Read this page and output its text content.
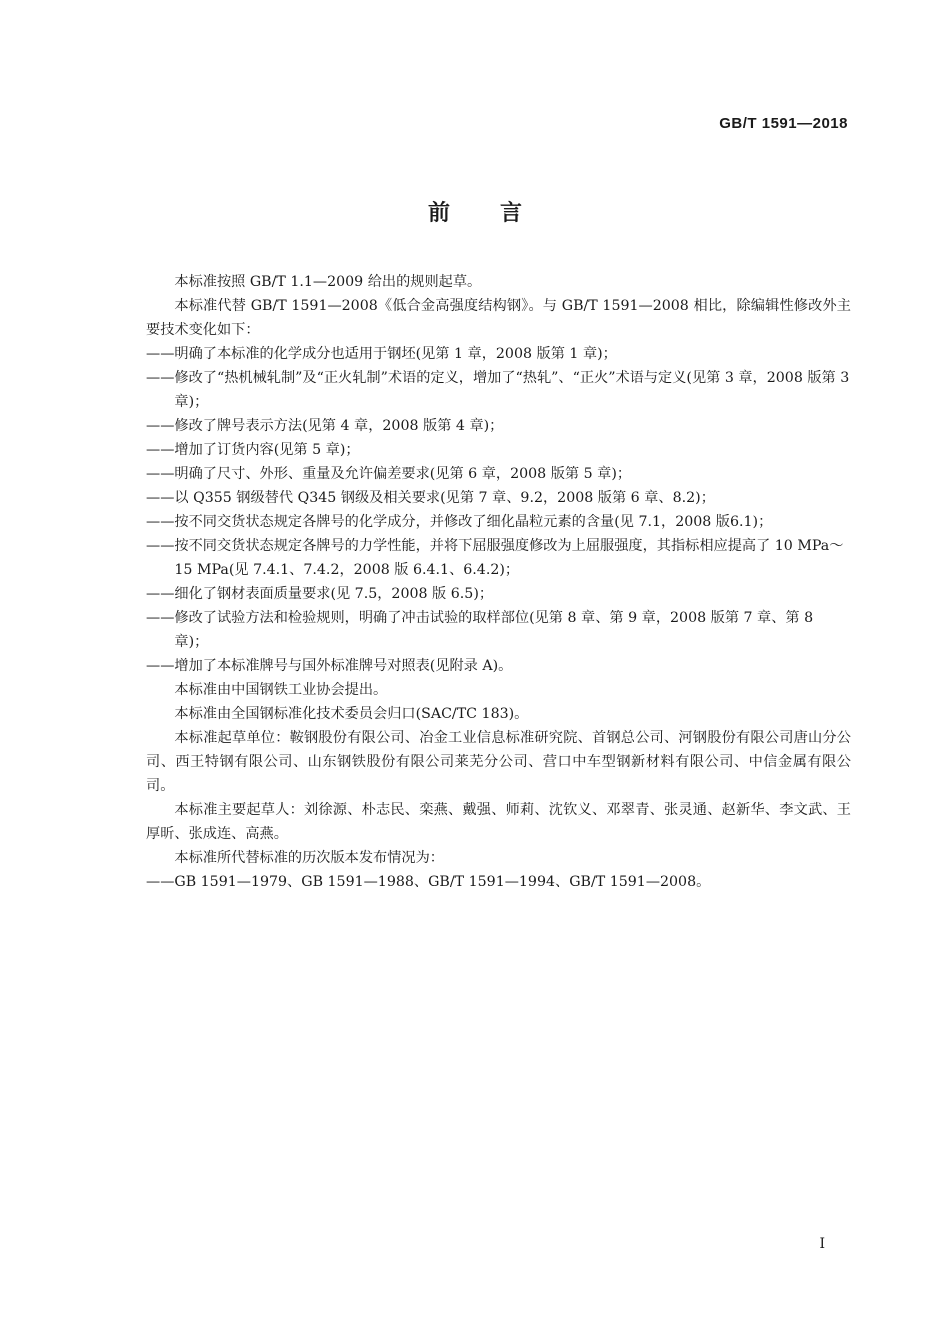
GB/T 1591—2018
前 言

本标准按照 GB/T 1.1—2009 给出的规则起草。

本标准代替 GB/T 1591—2008《低合金高强度结构钢》。与 GB/T 1591—2008 相比，除编辑性修改外主要技术变化如下：

—— 明确了本标准的化学成分也适用于钢坯(见第 1 章，2008 版第 1 章)；
—— 修改了“热机械轧制”及“正火轧制”术语的定义，增加了“热轧”、“正火”术语与定义(见第 3 章，2008 版第 3 章)；
—— 修改了牌号表示方法(见第 4 章，2008 版第 4 章)；
—— 增加了订货内容(见第 5 章)；
—— 明确了尺寸、外形、重量及允许偏差要求(见第 6 章，2008 版第 5 章)；
—— 以 Q355 钢级替代 Q345 钢级及相关要求(见第 7 章、9.2，2008 版第 6 章、8.2)；
—— 按不同交货状态规定各牌号的化学成分，并修改了细化晶粒元素的含量(见 7.1，2008 版6.1)；
—— 按不同交货状态规定各牌号的力学性能，并将下屈服强度修改为上屈服强度，其指标相应提高了 10 MPa～15 MPa(见 7.4.1、7.4.2，2008 版 6.4.1、6.4.2)；
—— 细化了钢材表面质量要求(见 7.5，2008 版 6.5)；
—— 修改了试验方法和检验规则，明确了冲击试验的取样部位(见第 8 章、第 9 章，2008 版第 7 章、第 8 章)；
—— 增加了本标准牌号与国外标准牌号对照表(见附录 A)。

本标准由中国钢铁工业协会提出。

本标准由全国钢标准化技术委员会归口(SAC/TC 183)。

本标准起草单位：鞍钢股份有限公司、冶金工业信息标准研究院、首钢总公司、河钢股份有限公司唐山分公司、西王特钢有限公司、山东钢铁股份有限公司莱芜分公司、营口中车型钢新材料有限公司、中信金属有限公司。

本标准主要起草人：刘徐源、朴志民、栾燕、戴强、师莉、沈钦义、邓翠青、张灵通、赵新华、李文武、王厚昕、张成连、高燕。

本标准所代替标准的历次版本发布情况为：

—— GB 1591—1979、GB 1591—1988、GB/T 1591—1994、GB/T 1591—2008。
I
